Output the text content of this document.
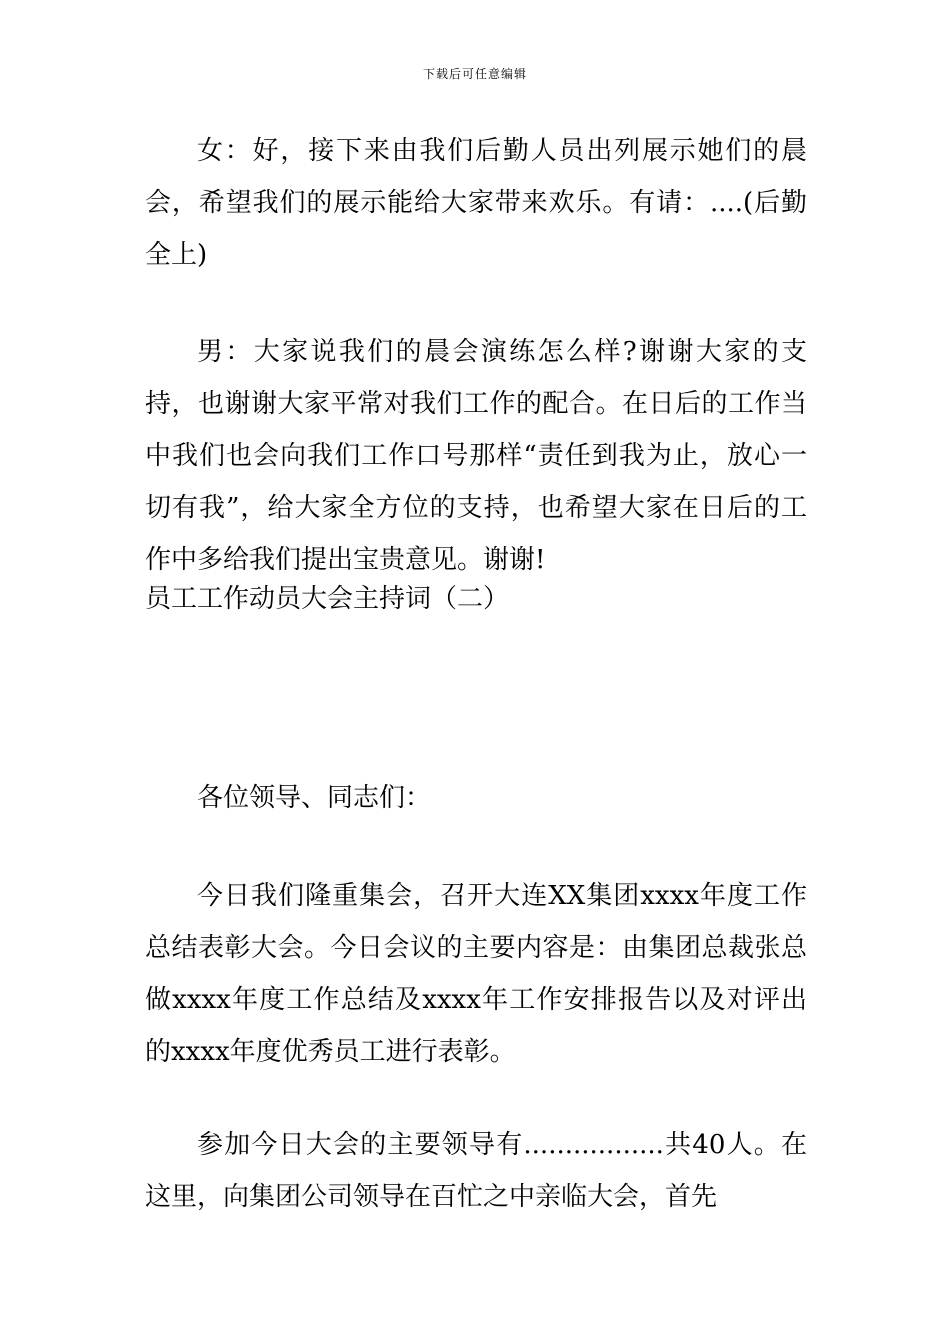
下载后可任意编辑

女：好，接下来由我们后勤人员出列展示她们的晨会，希望我们的展示能给大家带来欢乐。有请：....(后勤全上)

男：大家说我们的晨会演练怎么样?谢谢大家的支持，也谢谢大家平常对我们工作的配合。在日后的工作当中我们也会向我们工作口号那样“责任到我为止，放心一切有我”，给大家全方位的支持，也希望大家在日后的工作中多给我们提出宝贵意见。谢谢!

员工工作动员大会主持词（二）

各位领导、同志们：

今日我们隆重集会，召开大连XX集团xxxx年度工作总结表彰大会。今日会议的主要内容是：由集团总裁张总做xxxx年度工作总结及xxxx年工作安排报告以及对评出的xxxx年度优秀员工进行表彰。

参加今日大会的主要领导有.................共40人。在这里，向集团公司领导在百忙之中亲临大会，首先
